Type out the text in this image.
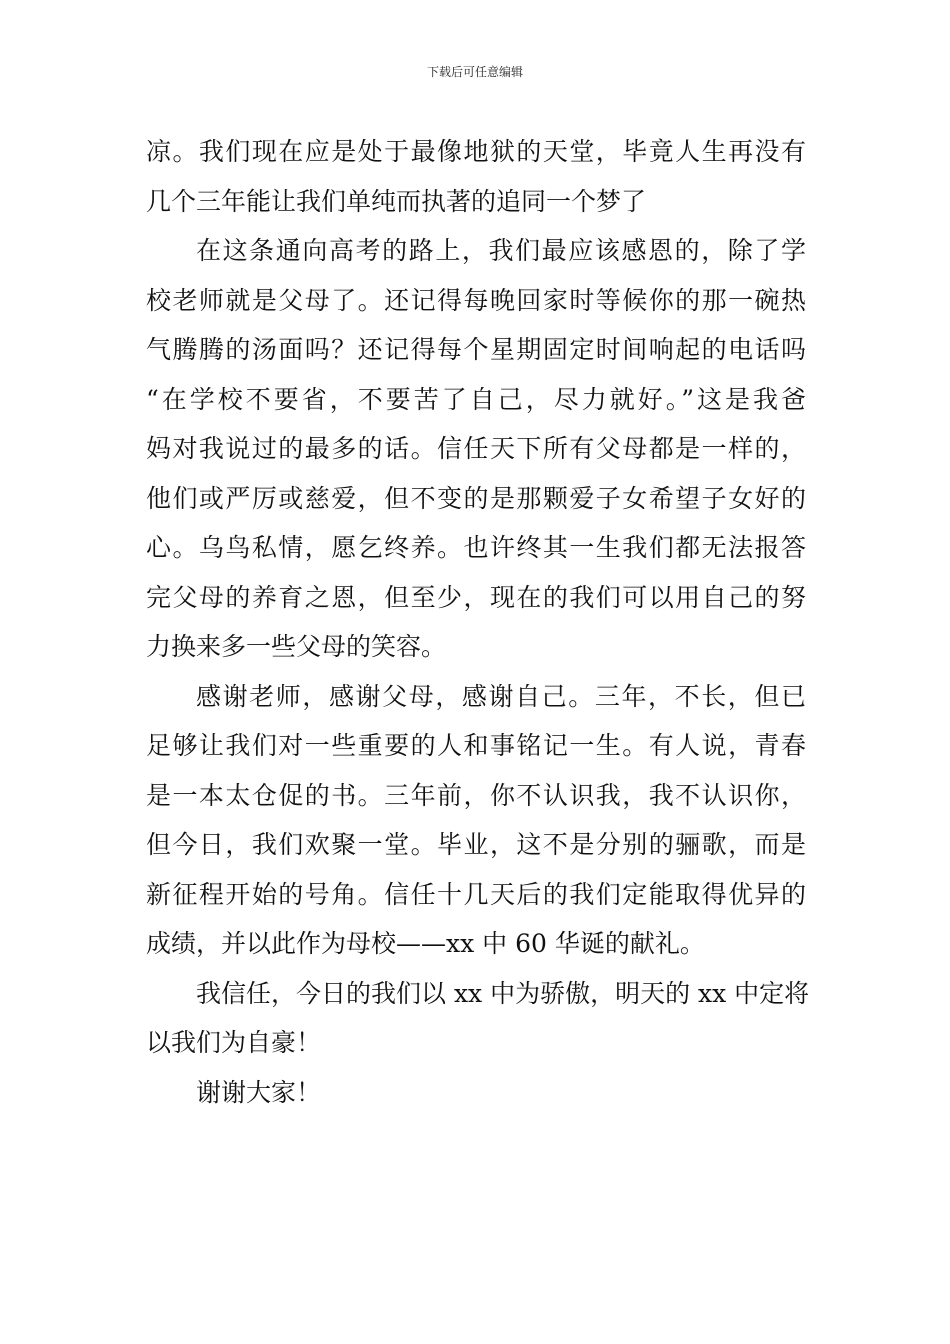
下载后可任意编辑
凉。我们现在应是处于最像地狱的天堂，毕竟人生再没有
几个三年能让我们单纯而执著的追同一个梦了
在这条通向高考的路上，我们最应该感恩的，除了学
校老师就是父母了。还记得每晚回家时等候你的那一碗热
气腾腾的汤面吗？还记得每个星期固定时间响起的电话吗
“在学校不要省，不要苦了自己，尽力就好。”这是我爸
妈对我说过的最多的话。信任天下所有父母都是一样的，
他们或严厉或慈爱，但不变的是那颗爱子女希望子女好的
心。乌鸟私情，愿乞终养。也许终其一生我们都无法报答
完父母的养育之恩，但至少，现在的我们可以用自己的努
力换来多一些父母的笑容。
感谢老师，感谢父母，感谢自己。三年，不长，但已
足够让我们对一些重要的人和事铭记一生。有人说，青春
是一本太仓促的书。三年前，你不认识我，我不认识你，
但今日，我们欢聚一堂。毕业，这不是分别的骊歌，而是
新征程开始的号角。信任十几天后的我们定能取得优异的
成绩，并以此作为母校——xx 中 60 华诞的献礼。
我信任，今日的我们以 xx 中为骄傲，明天的 xx 中定将
以我们为自豪！
谢谢大家！
